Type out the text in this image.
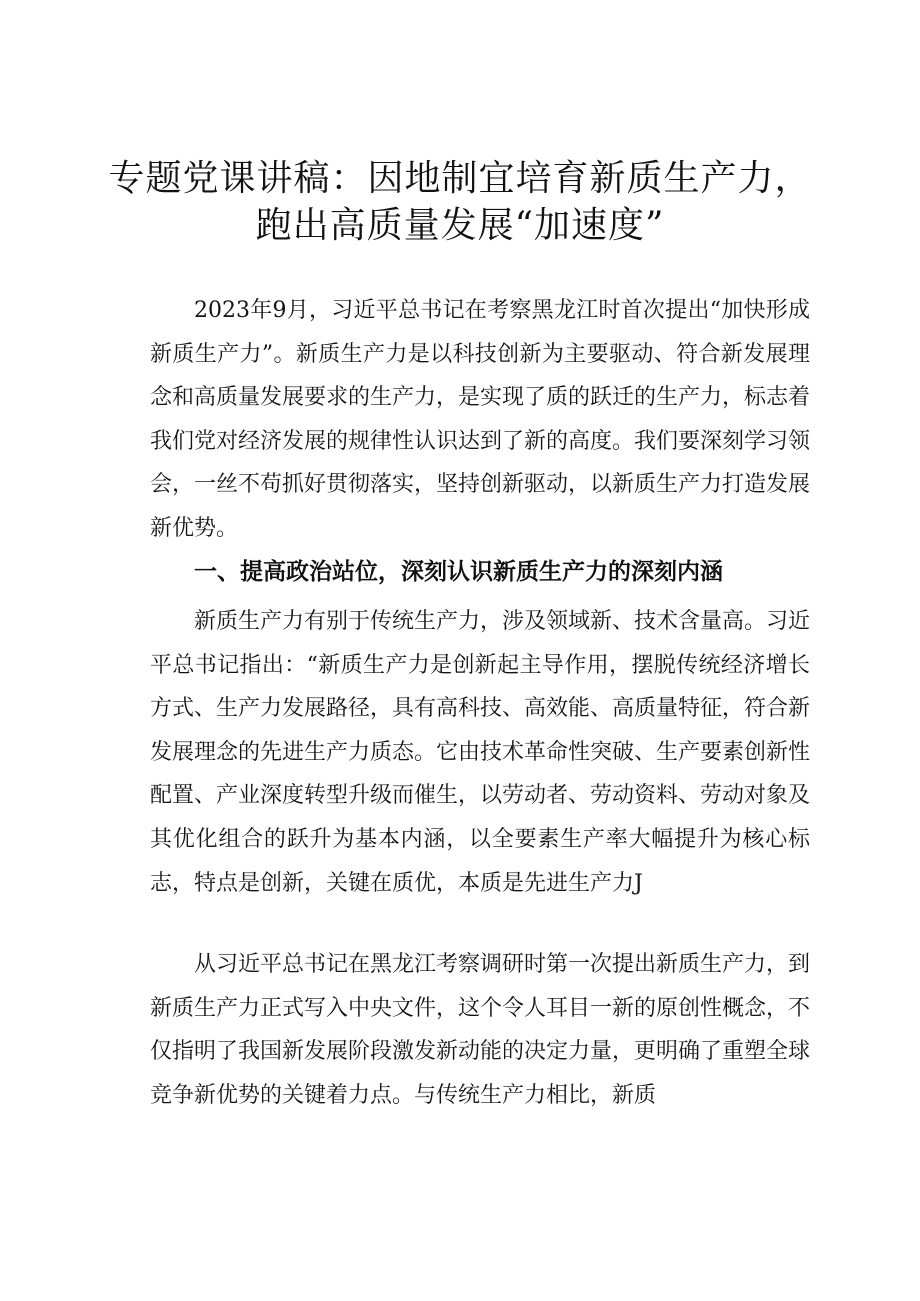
专题党课讲稿：因地制宜培育新质生产力，
跑出高质量发展“加速度”

2023年9月，习近平总书记在考察黑龙江时首次提出“加快形成新质生产力”。新质生产力是以科技创新为主要驱动、符合新发展理念和高质量发展要求的生产力，是实现了质的跃迁的生产力，标志着我们党对经济发展的规律性认识达到了新的高度。我们要深刻学习领会，一丝不苟抓好贯彻落实，坚持创新驱动，以新质生产力打造发展新优势。

一、提高政治站位，深刻认识新质生产力的深刻内涵

新质生产力有别于传统生产力，涉及领域新、技术含量高。习近平总书记指出：“新质生产力是创新起主导作用，摆脱传统经济增长方式、生产力发展路径，具有高科技、高效能、高质量特征，符合新发展理念的先进生产力质态。它由技术革命性突破、生产要素创新性配置、产业深度转型升级而催生，以劳动者、劳动资料、劳动对象及其优化组合的跃升为基本内涵，以全要素生产率大幅提升为核心标志，特点是创新，关键在质优，本质是先进生产力J

从习近平总书记在黑龙江考察调研时第一次提出新质生产力，到新质生产力正式写入中央文件，这个令人耳目一新的原创性概念，不仅指明了我国新发展阶段激发新动能的决定力量，更明确了重塑全球竞争新优势的关键着力点。与传统生产力相比，新质
